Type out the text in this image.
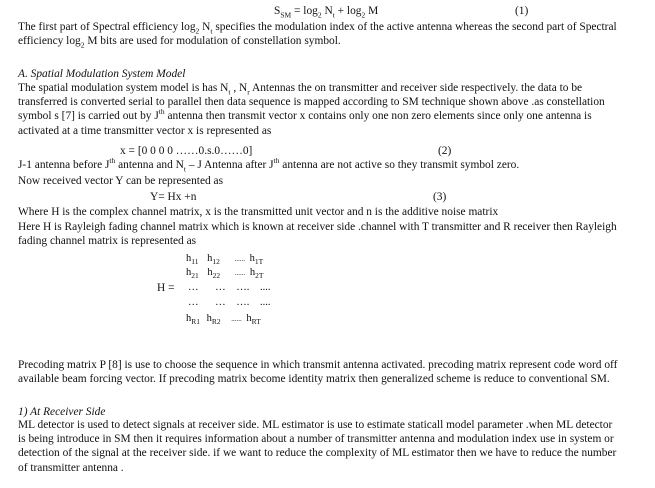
$S_{SM} = \log_2 N_t + \log_2 M$	(1)

The first part of Spectral efficiency $\log_2 N_t$ specifies the modulation index of the active antenna whereas the second part of Spectral

efficiency $\log_2 M$ bits are used for modulation of constellation symbol.

A. Spatial Modulation System Model

The spatial modulation system model is has $N_t$ , $N_r$ Antennas the on transmitter and receiver side respectively. the data to be

transferred is converted serial to parallel then data sequence is mapped according to SM technique shown above .as constellation

symbol s [7] is carried out by $J^{th}$ antenna then transmit vector x contains only one non zero elements since only one antenna is

activated at a time transmitter vector x is represented as

x = [0 0 0 0 ……0.s.0……0]	(2)
J-1 antenna before $J^{th}$ antenna and $N_t$ – J Antenna after $J^{th}$ antenna are not active so they transmit symbol zero.
Now received vector Y can be represented as
Y= Hx +n	(3)
Where H is the complex channel matrix, x is the transmitted unit vector and n is the additive noise matrix

Here H is Rayleigh fading channel matrix which is known at receiver side .channel with T transmitter and R receiver then Rayleigh

fading channel matrix is represented as

H =
$h_{11}$ $h_{12}$ ...... $h_{1T}$
$h_{21}$ $h_{22}$ ...... $h_{2T}$
… … …. ....
… … …. ....
$h_{R1}$ $h_{R2}$ ...... $h_{RT}$

Precoding matrix P [8] is use to choose the sequence in which transmit antenna activated. precoding matrix represent code word off

available beam forcing vector. If precoding matrix become identity matrix then generalized scheme is reduce to conventional SM.

1) At Receiver Side

ML detector is used to detect signals at receiver side. ML estimator is use to estimate staticall model parameter .when ML detector

is being introduce in SM then it requires information about a number of transmitter antenna and modulation index use in system or

detection of the signal at the receiver side. if we want to reduce the complexity of ML estimator then we have to reduce the number

of transmitter antenna .
